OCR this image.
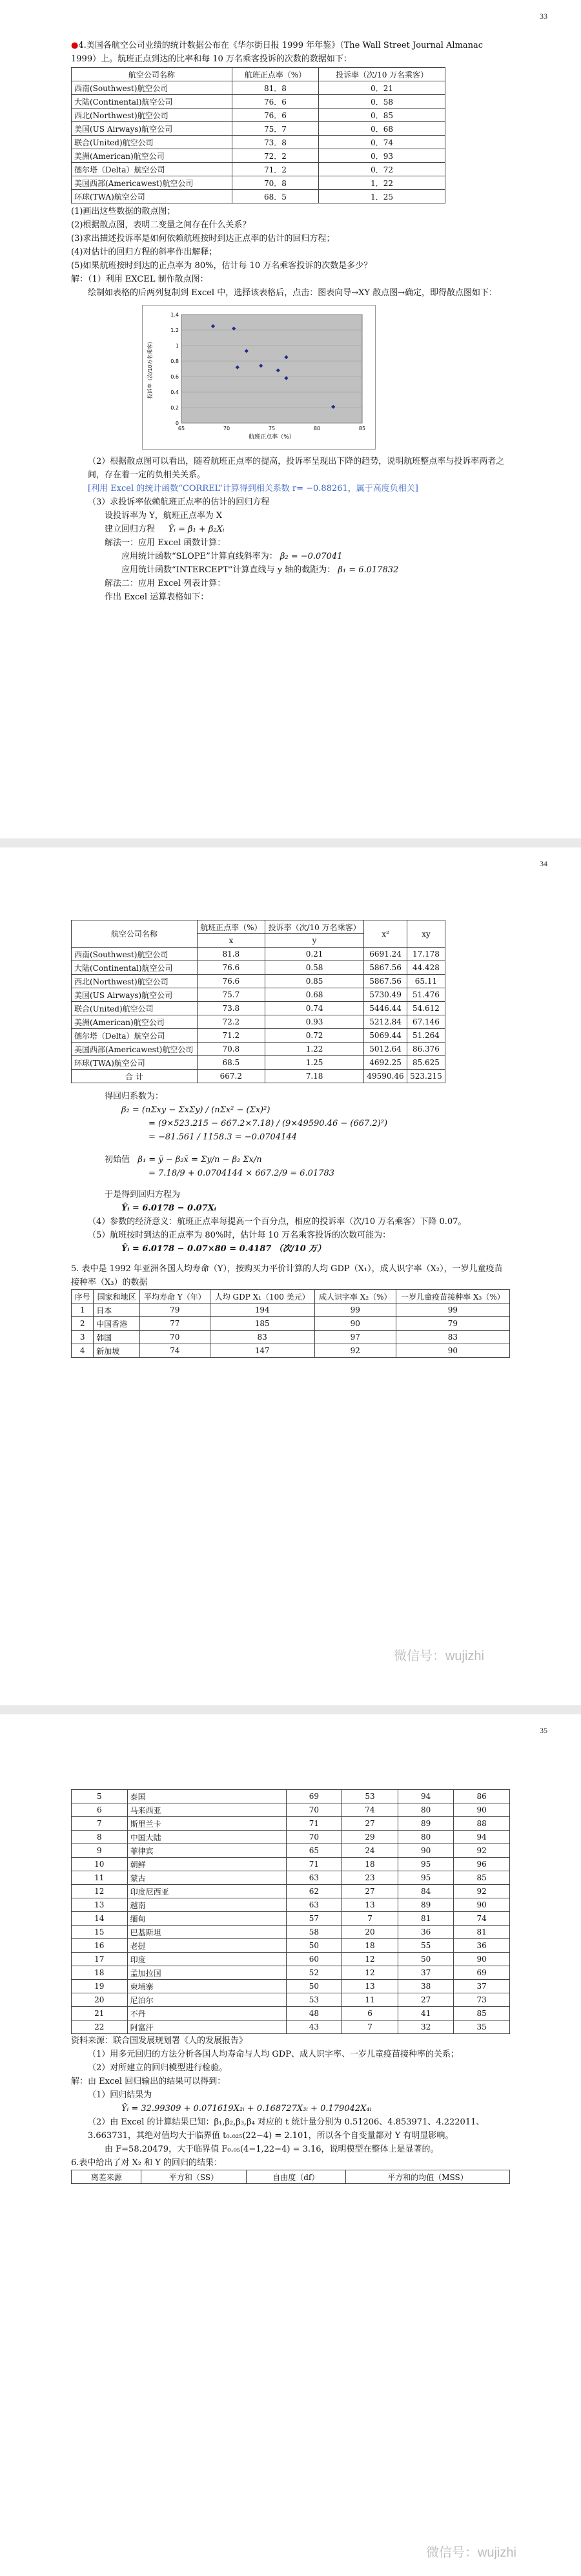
33

●4.美国各航空公司业绩的统计数据公布在《华尔街日报 1999 年年鉴》（The Wall Street Journal Almanac 1999）上。航班正点到达的比率和每 10 万名乘客投诉的次数的数据如下：

航空公司名称	航班正点率（%）	投诉率（次/10 万名乘客）
西南(Southwest)航空公司	81．8	0．21
大陆(Continental)航空公司	76．6	0．58
西北(Northwest)航空公司	76．6	0．85
美国(US Airways)航空公司	75．7	0．68
联合(United)航空公司	73．8	0．74
美洲(American)航空公司	72．2	0．93
德尔塔（Delta）航空公司	71．2	0．72
美国西部(Americawest)航空公司	70．8	1．22
环球(TWA)航空公司	68．5	1．25

(1)画出这些数据的散点图；

(2)根据散点图，表明二变量之间存在什么关系？

(3)求出描述投诉率是如何依赖航班按时到达正点率的估计的回归方程；

(4)对估计的回归方程的斜率作出解释；

(5)如果航班按时到达的正点率为 80%，估计每 10 万名乘客投诉的次数是多少？

解：（1）利用 EXCEL 制作散点图：

绘制如表格的后两列复制到 Excel 中，选择该表格后，点击：图表向导→XY 散点图→确定，即得散点图如下：

0
0.2
0.4
0.6
0.8
1
1.2
1.4
65	70	75	80	85
航班正点率（%）
投诉率（次/10万名乘客）

（2）根据散点图可以看出，随着航班正点率的提高，投诉率呈现出下降的趋势，说明航班整点率与投诉率两者之间，存在着一定的负相关关系。

[利用 Excel 的统计函数“CORREL”计算得到相关系数 r= −0.88261，属于高度负相关]

（3）求投诉率依赖航班正点率的估计的回归方程

设投诉率为 Y，航班正点率为 X

建立回归方程 Ŷᵢ = β₁ + β₂Xᵢ

解法一：应用 Excel 函数计算：

应用统计函数“SLOPE”计算直线斜率为： β₂ = −0.07041

应用统计函数“INTERCEPT”计算直线与 y 轴的截距为： β₁ = 6.017832

解法二：应用 Excel 列表计算：

作出 Excel 运算表格如下：

34
航空公司名称	航班正点率（%）	投诉率（次/10 万名乘客）	x²	xy
	x	y		
西南(Southwest)航空公司	81.8	0.21	6691.24	17.178
大陆(Continental)航空公司	76.6	0.58	5867.56	44.428
西北(Northwest)航空公司	76.6	0.85	5867.56	65.11
美国(US Airways)航空公司	75.7	0.68	5730.49	51.476
联合(United)航空公司	73.8	0.74	5446.44	54.612
美洲(American)航空公司	72.2	0.93	5212.84	67.146
德尔塔（Delta）航空公司	71.2	0.72	5069.44	51.264
美国西部(Americawest)航空公司	70.8	1.22	5012.64	86.376
环球(TWA)航空公司	68.5	1.25	4692.25	85.625
合 计	667.2	7.18	49590.46	523.215

得回归系数为：

β₂ = (nΣxy − ΣxΣy) / (nΣx² − (Σx)²)

= (9×523.215 − 667.2×7.18) / (9×49590.46 − (667.2)²)

= −81.561 / 1158.3 = −0.0704144

初始值 β₁ = ȳ − β₂x̄ = Σy/n − β₂ Σx/n

= 7.18/9 + 0.0704144 × 667.2/9 = 6.01783

于是得到回归方程为

Ŷᵢ = 6.0178 − 0.07Xᵢ

（4）参数的经济意义：航班正点率每提高一个百分点，相应的投诉率（次/10 万名乘客）下降 0.07。

（5）航班按时到达的正点率为 80%时，估计每 10 万名乘客投诉的次数可能为：

Ŷᵢ = 6.0178 − 0.07×80 = 0.4187 （次/10 万）

5. 表中是 1992 年亚洲各国人均寿命（Y），按购买力平价计算的人均 GDP（X₁），成人识字率（X₂），一岁儿童疫苗接种率（X₃）的数据

序号	国家和地区	平均寿命 Y（年）	人均 GDP X₁（100 美元）	成人识字率 X₂（%）	一岁儿童疫苗接种率 X₃（%）
1	日本	79	194	99	99
2	中国香港	77	185	90	79
3	韩国	70	83	97	83
4	新加坡	74	147	92	90
微信号：wujizhi
35
5	泰国	69	53	94	86
6	马来西亚	70	74	80	90
7	斯里兰卡	71	27	89	88
8	中国大陆	70	29	80	94
9	菲律宾	65	24	90	92
10	朝鲜	71	18	95	96
11	蒙古	63	23	95	85
12	印度尼西亚	62	27	84	92
13	越南	63	13	89	90
14	缅甸	57	7	81	74
15	巴基斯坦	58	20	36	81
16	老挝	50	18	55	36
17	印度	60	12	50	90
18	孟加拉国	52	12	37	69
19	柬埔寨	50	13	38	37
20	尼泊尔	53	11	27	73
21	不丹	48	6	41	85
22	阿富汗	43	7	32	35

资料来源：联合国发展规划署《人的发展报告》

（1）用多元回归的方法分析各国人均寿命与人均 GDP、成人识字率、一岁儿童疫苗接种率的关系；

（2）对所建立的回归模型进行检验。

解：由 Excel 回归输出的结果可以得到：

（1）回归结果为

Ŷᵢ = 32.99309 + 0.071619X₂ᵢ + 0.168727X₃ᵢ + 0.179042X₄ᵢ

（2）由 Excel 的计算结果已知：β₁,β₂,β₃,β₄ 对应的 t 统计量分别为 0.51206、4.853971、4.222011、3.663731，其绝对值均大于临界值 t₀.₀₂₅(22−4) = 2.101，所以各个自变量都对 Y 有明显影响。

由 F=58.20479，大于临界值 F₀.₀₅(4−1,22−4) = 3.16，说明模型在整体上是显著的。

6.表中给出了对 X₂ 和 Y 的回归的结果：

离差来源	平方和（SS）	自由度（df）	平方和的均值（MSS）
微信号：wujizhi
